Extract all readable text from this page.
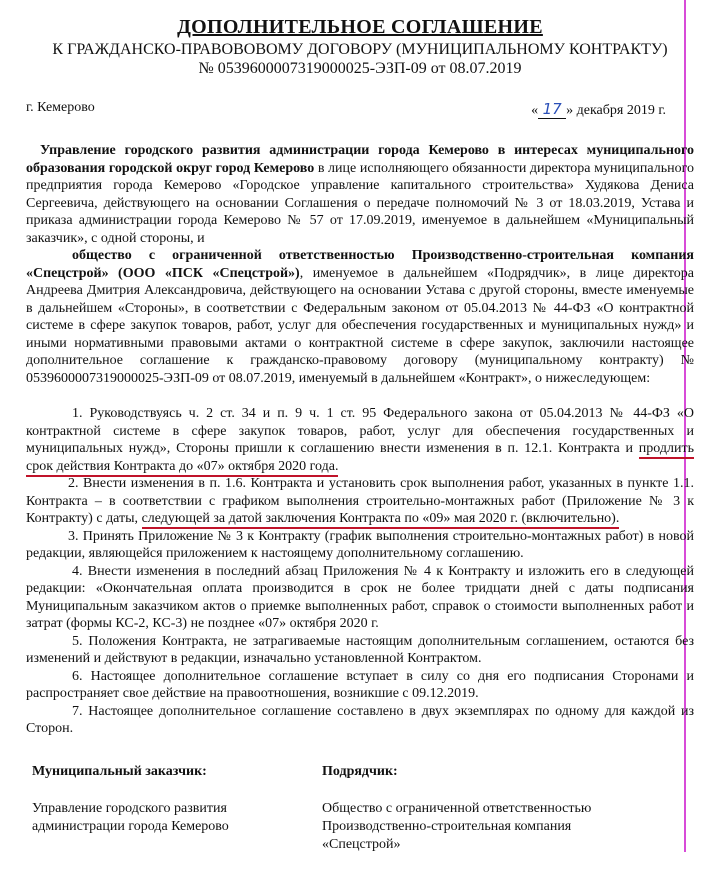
ДОПОЛНИТЕЛЬНОЕ СОГЛАШЕНИЕ
К ГРАЖДАНСКО-ПРАВОВОВОМУ ДОГОВОРУ (МУНИЦИПАЛЬНОМУ КОНТРАКТУ)
№ 0539600007319000025-ЭЗП-09 от 08.07.2019
г. Кемерово	« 17 » декабря 2019 г.

Управление городского развития администрации города Кемерово в интересах муниципального образования городской округ город Кемерово в лице исполняющего обязанности директора муниципального предприятия города Кемерово «Городское управление капитального строительства» Худякова Дениса Сергеевича, действующего на основании Соглашения о передаче полномочий № 3 от 18.03.2019, Устава и приказа администрации города Кемерово № 57 от 17.09.2019, именуемое в дальнейшем «Муниципальный заказчик», с одной стороны, и

общество с ограниченной ответственностью Производственно-строительная компания «Спецстрой» (ООО «ПСК «Спецстрой»), именуемое в дальнейшем «Подрядчик», в лице директора Андреева Дмитрия Александровича, действующего на основании Устава с другой стороны, вместе именуемые в дальнейшем «Стороны», в соответствии с Федеральным законом от 05.04.2013 № 44-ФЗ «О контрактной системе в сфере закупок товаров, работ, услуг для обеспечения государственных и муниципальных нужд» и иными нормативными правовыми актами о контрактной системе в сфере закупок, заключили настоящее дополнительное соглашение к гражданско-правовому договору (муниципальному контракту) № 0539600007319000025-ЭЗП-09 от 08.07.2019, именуемый в дальнейшем «Контракт», о нижеследующем:

1. Руководствуясь ч. 2 ст. 34 и п. 9 ч. 1 ст. 95 Федерального закона от 05.04.2013 № 44-ФЗ «О контрактной системе в сфере закупок товаров, работ, услуг для обеспечения государственных и муниципальных нужд», Стороны пришли к соглашению внести изменения в п. 12.1. Контракта и продлить срок действия Контракта до «07» октября 2020 года.

2. Внести изменения в п. 1.6. Контракта и установить срок выполнения работ, указанных в пункте 1.1. Контракта – в соответствии с графиком выполнения строительно-монтажных работ (Приложение № 3 к Контракту) с даты, следующей за датой заключения Контракта по «09» мая 2020 г. (включительно).

3. Принять Приложение № 3 к Контракту (график выполнения строительно-монтажных работ) в новой редакции, являющейся приложением к настоящему дополнительному соглашению.

4. Внести изменения в последний абзац Приложения № 4 к Контракту и изложить его в следующей редакции: «Окончательная оплата производится в срок не более тридцати дней с даты подписания Муниципальным заказчиком актов о приемке выполненных работ, справок о стоимости выполненных работ и затрат (формы КС-2, КС-3) не позднее «07» октября 2020 г.

5. Положения Контракта, не затрагиваемые настоящим дополнительным соглашением, остаются без изменений и действуют в редакции, изначально установленной Контрактом.

6. Настоящее дополнительное соглашение вступает в силу со дня его подписания Сторонами и распространяет свое действие на правоотношения, возникшие с 09.12.2019.

7. Настоящее дополнительное соглашение составлено в двух экземплярах по одному для каждой из Сторон.

Муниципальный заказчик:
Управление городского развития
администрации города Кемерово
Подрядчик:
Общество с ограниченной ответственностью
Производственно-строительная компания
«Спецстрой»
